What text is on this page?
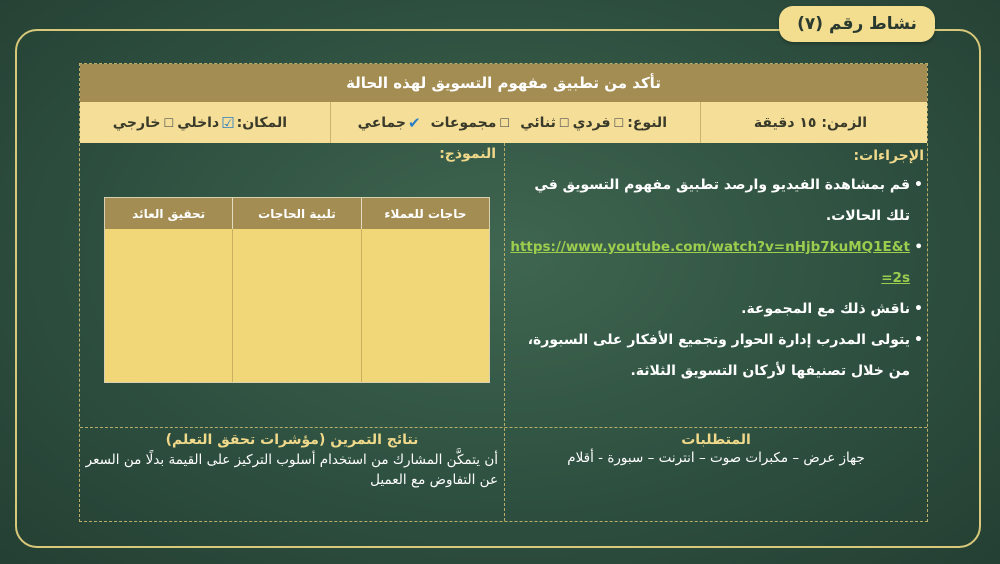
نشاط رقم (٧)
تأكد من تطبيق مفهوم التسويق لهذه الحالة
الزمن: ١٥ دقيقة
النوع:
☐
فردي
☐
ثنائي
☐
مجموعات
✔
جماعي
المكان:
☑
داخلي
☐
خارجي
الإجراءات:
• قم بمشاهدة الفيديو وارصد تطبيق مفهوم التسويق في تلك الحالات.
• https://www.youtube.com/watch?v=nHjb7kuMQ1E&t=2s
• ناقش ذلك مع المجموعة.
• يتولى المدرب إدارة الحوار وتجميع الأفكار على السبورة، من خلال تصنيفها لأركان التسويق الثلاثة.
النموذج:
حاجات للعملاء
تلبية الحاجات
تحقيق العائد
المتطلبات
جهاز عرض – مكبرات صوت – انترنت – سبورة - أقلام
نتائج التمرين (مؤشرات تحقق التعلم)
أن يتمكَّن المشارك من استخدام أسلوب التركيز على القيمة بدلًا من السعر عن التفاوض مع العميل
